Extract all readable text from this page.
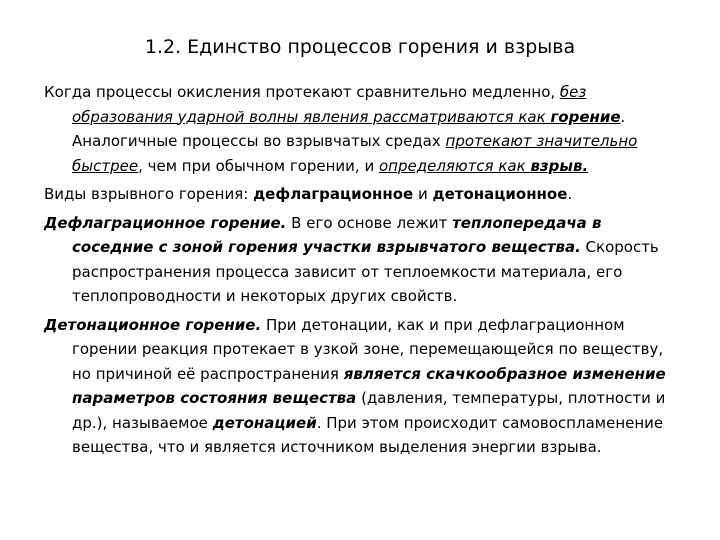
1.2. Единство процессов горения и взрыва

Когда процессы окисления протекают сравнительно медленно, без образования ударной волны явления рассматриваются как горение. Аналогичные процессы во взрывчатых средах протекают значительно быстрее, чем при обычном горении, и определяются как взрыв.

Виды взрывного горения: дефлаграционное и детонационное.

Дефлаграционное горение. В его основе лежит теплопередача в соседние с зоной горения участки взрывчатого вещества. Скорость распространения процесса зависит от теплоемкости материала, его теплопроводности и некоторых других свойств.

Детонационное горение. При детонации, как и при дефлаграционном горении реакция протекает в узкой зоне, перемещающейся по веществу, но причиной её распространения является скачкообразное изменение параметров состояния вещества (давления, температуры, плотности и др.), называемое детонацией. При этом происходит самовоспламенение вещества, что и является источником выделения энергии взрыва.
